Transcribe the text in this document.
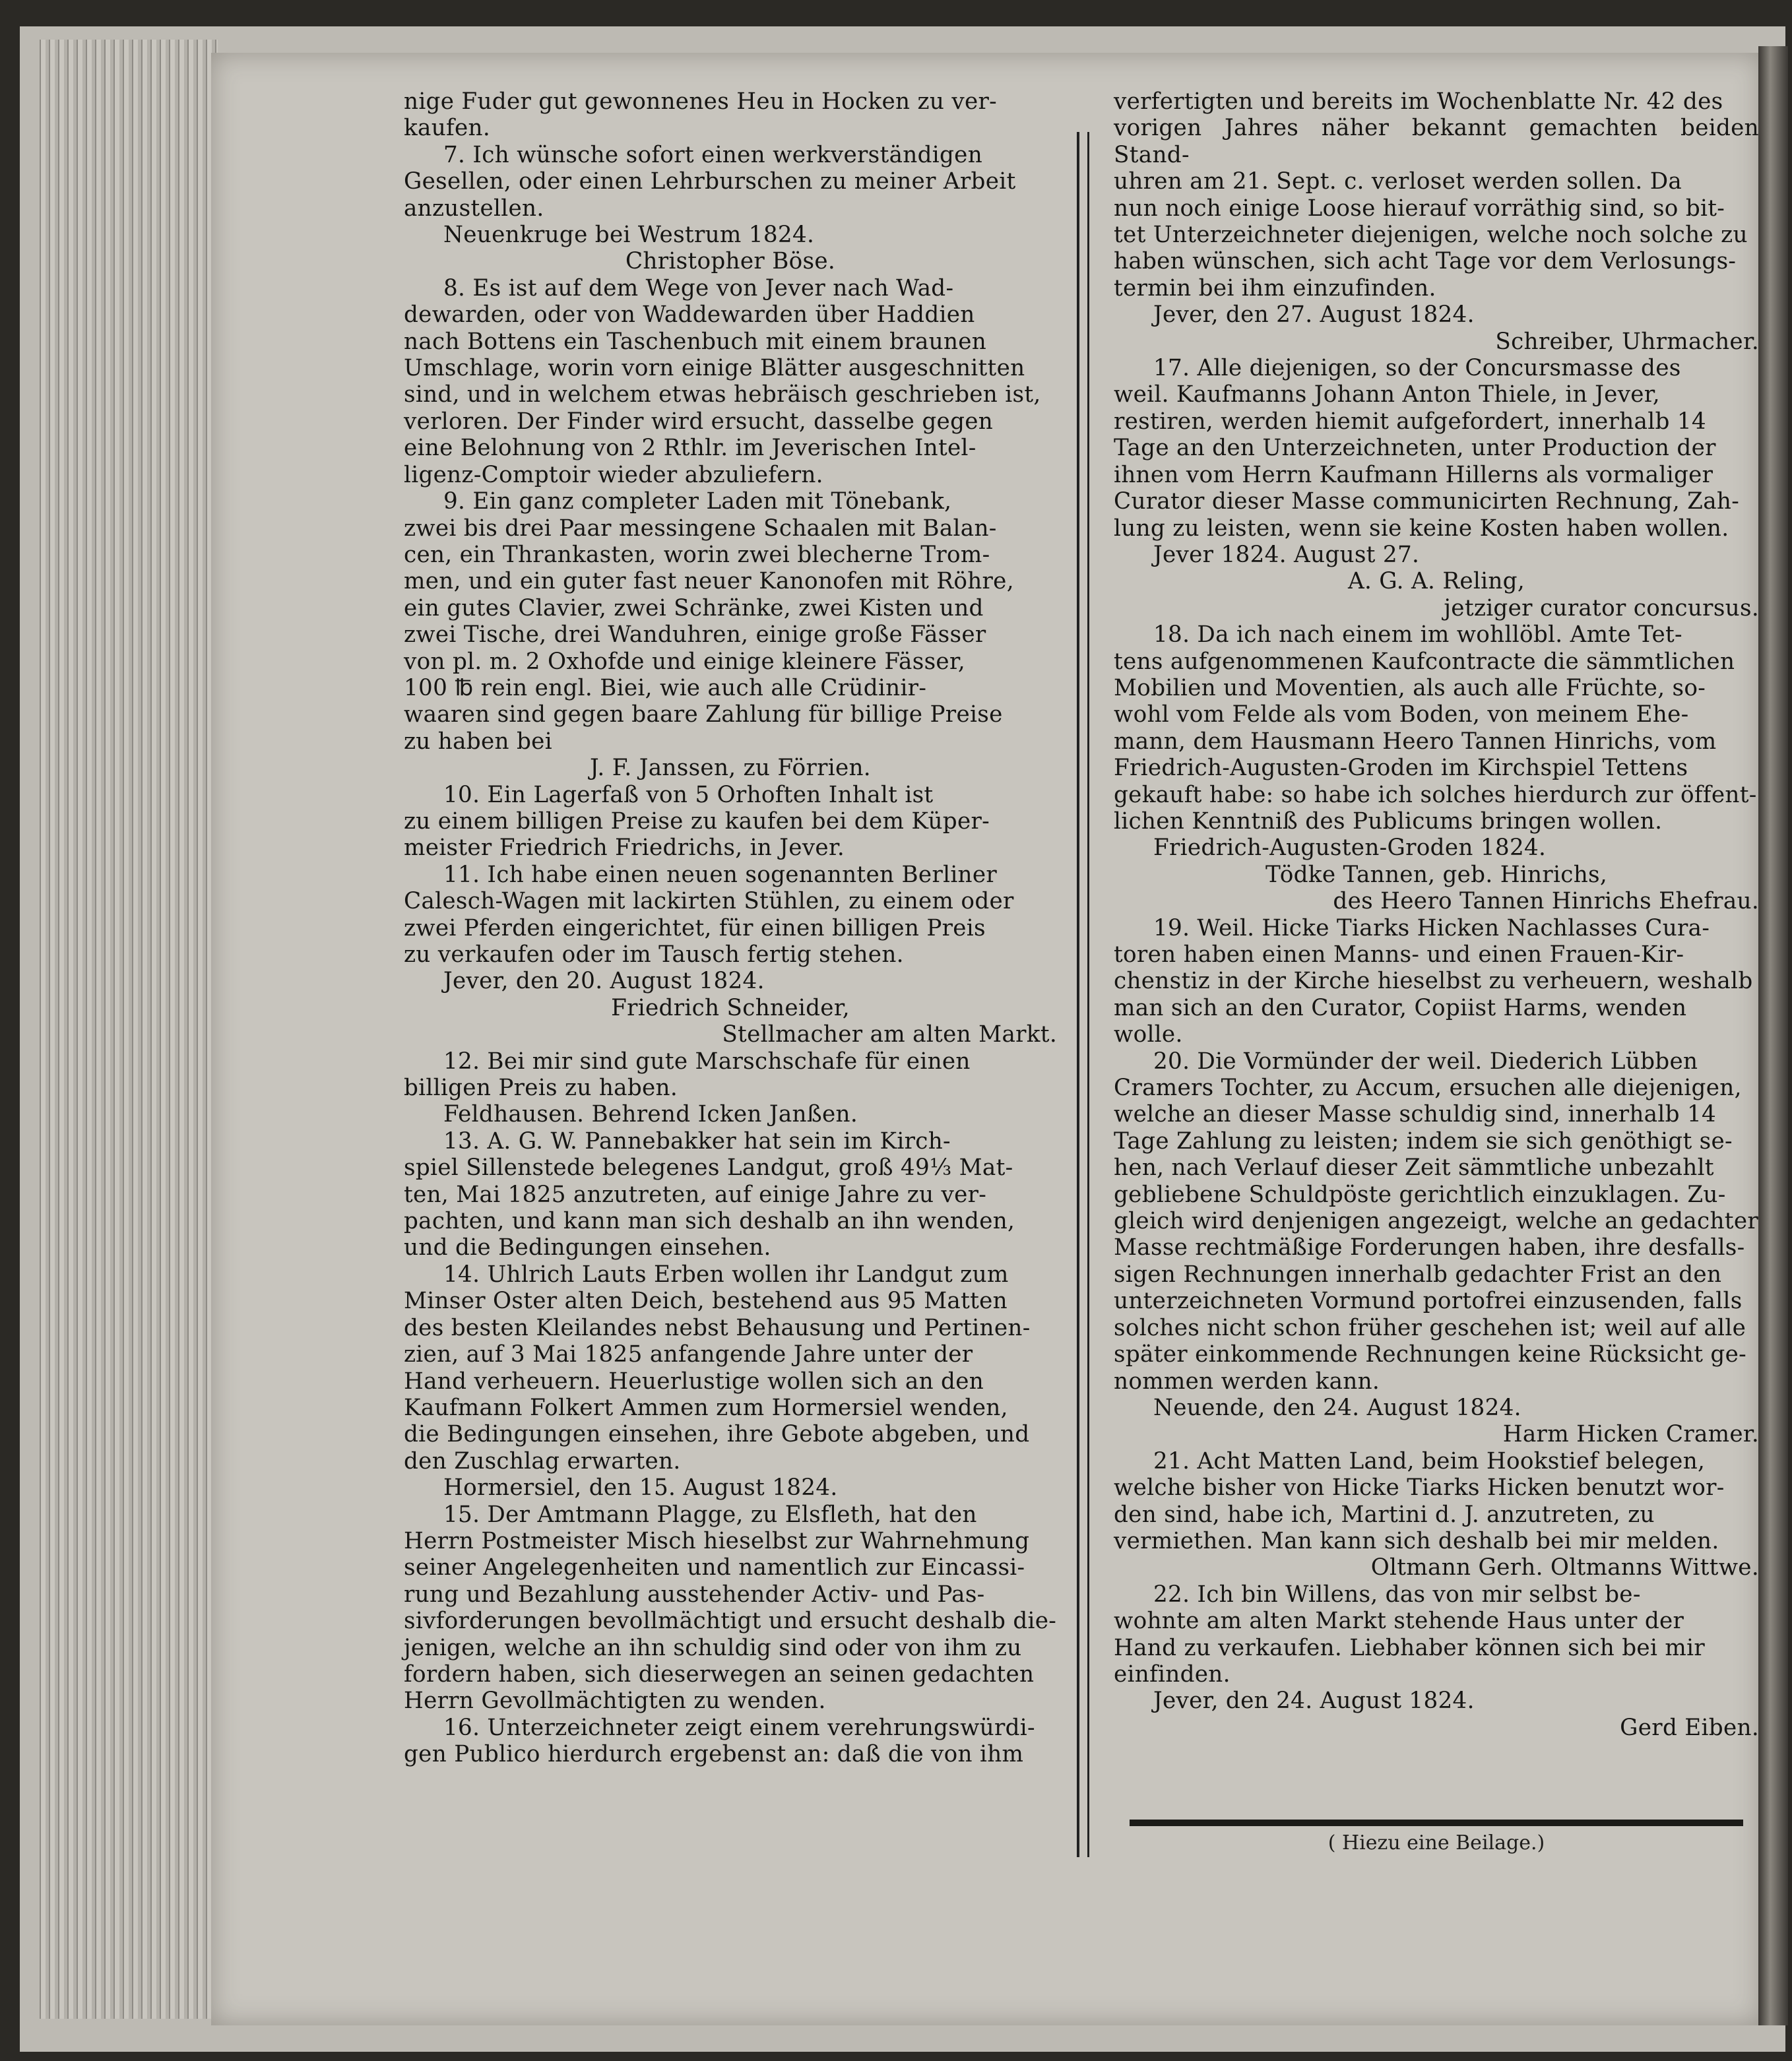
nige Fuder gut gewonnenes Heu in Hocken zu ver-

kaufen.

7. Ich wünsche sofort einen werkverständigen

Gesellen, oder einen Lehrburschen zu meiner Arbeit

anzustellen.

Neuenkruge bei Westrum 1824.

Christopher Böse.

8. Es ist auf dem Wege von Jever nach Wad-

dewarden, oder von Waddewarden über Haddien

nach Bottens ein Taschenbuch mit einem braunen

Umschlage, worin vorn einige Blätter ausgeschnitten

sind, und in welchem etwas hebräisch geschrieben ist,

verloren. Der Finder wird ersucht, dasselbe gegen

eine Belohnung von 2 Rthlr. im Jeverischen Intel-

ligenz-Comptoir wieder abzuliefern.

9. Ein ganz completer Laden mit Tönebank,

zwei bis drei Paar messingene Schaalen mit Balan-

cen, ein Thrankasten, worin zwei blecherne Trom-

men, und ein guter fast neuer Kanonofen mit Röhre,

ein gutes Clavier, zwei Schränke, zwei Kisten und

zwei Tische, drei Wanduhren, einige große Fässer

von pl. m. 2 Oxhofde und einige kleinere Fässer,

100 ℔ rein engl. Biei, wie auch alle Crüdinir-

waaren sind gegen baare Zahlung für billige Preise

zu haben bei

J. F. Janssen, zu Förrien.

10. Ein Lagerfaß von 5 Orhoften Inhalt ist

zu einem billigen Preise zu kaufen bei dem Küper-

meister Friedrich Friedrichs, in Jever.

11. Ich habe einen neuen sogenannten Berliner

Calesch-Wagen mit lackirten Stühlen, zu einem oder

zwei Pferden eingerichtet, für einen billigen Preis

zu verkaufen oder im Tausch fertig stehen.

Jever, den 20. August 1824.

Friedrich Schneider,

Stellmacher am alten Markt.

12. Bei mir sind gute Marschschafe für einen

billigen Preis zu haben.

Feldhausen. Behrend Icken Janßen.

13. A. G. W. Pannebakker hat sein im Kirch-

spiel Sillenstede belegenes Landgut, groß 49⅓ Mat-

ten, Mai 1825 anzutreten, auf einige Jahre zu ver-

pachten, und kann man sich deshalb an ihn wenden,

und die Bedingungen einsehen.

14. Uhlrich Lauts Erben wollen ihr Landgut zum

Minser Oster alten Deich, bestehend aus 95 Matten

des besten Kleilandes nebst Behausung und Pertinen-

zien, auf 3 Mai 1825 anfangende Jahre unter der

Hand verheuern. Heuerlustige wollen sich an den

Kaufmann Folkert Ammen zum Hormersiel wenden,

die Bedingungen einsehen, ihre Gebote abgeben, und

den Zuschlag erwarten.

Hormersiel, den 15. August 1824.

15. Der Amtmann Plagge, zu Elsfleth, hat den

Herrn Postmeister Misch hieselbst zur Wahrnehmung

seiner Angelegenheiten und namentlich zur Eincassi-

rung und Bezahlung ausstehender Activ- und Pas-

sivforderungen bevollmächtigt und ersucht deshalb die-

jenigen, welche an ihn schuldig sind oder von ihm zu

fordern haben, sich dieserwegen an seinen gedachten

Herrn Gevollmächtigten zu wenden.

16. Unterzeichneter zeigt einem verehrungswürdi-

gen Publico hierdurch ergebenst an: daß die von ihm

verfertigten und bereits im Wochenblatte Nr. 42 des

vorigen Jahres näher bekannt gemachten beiden Stand-

uhren am 21. Sept. c. verloset werden sollen. Da

nun noch einige Loose hierauf vorräthig sind, so bit-

tet Unterzeichneter diejenigen, welche noch solche zu

haben wünschen, sich acht Tage vor dem Verlosungs-

termin bei ihm einzufinden.

Jever, den 27. August 1824.

Schreiber, Uhrmacher.

17. Alle diejenigen, so der Concursmasse des

weil. Kaufmanns Johann Anton Thiele, in Jever,

restiren, werden hiemit aufgefordert, innerhalb 14

Tage an den Unterzeichneten, unter Production der

ihnen vom Herrn Kaufmann Hillerns als vormaliger

Curator dieser Masse communicirten Rechnung, Zah-

lung zu leisten, wenn sie keine Kosten haben wollen.

Jever 1824. August 27.

A. G. A. Reling,

jetziger curator concursus.

18. Da ich nach einem im wohllöbl. Amte Tet-

tens aufgenommenen Kaufcontracte die sämmtlichen

Mobilien und Moventien, als auch alle Früchte, so-

wohl vom Felde als vom Boden, von meinem Ehe-

mann, dem Hausmann Heero Tannen Hinrichs, vom

Friedrich-Augusten-Groden im Kirchspiel Tettens

gekauft habe: so habe ich solches hierdurch zur öffent-

lichen Kenntniß des Publicums bringen wollen.

Friedrich-Augusten-Groden 1824.

Tödke Tannen, geb. Hinrichs,

des Heero Tannen Hinrichs Ehefrau.

19. Weil. Hicke Tiarks Hicken Nachlasses Cura-

toren haben einen Manns- und einen Frauen-Kir-

chenstiz in der Kirche hieselbst zu verheuern, weshalb

man sich an den Curator, Copiist Harms, wenden

wolle.

20. Die Vormünder der weil. Diederich Lübben

Cramers Tochter, zu Accum, ersuchen alle diejenigen,

welche an dieser Masse schuldig sind, innerhalb 14

Tage Zahlung zu leisten; indem sie sich genöthigt se-

hen, nach Verlauf dieser Zeit sämmtliche unbezahlt

gebliebene Schuldpöste gerichtlich einzuklagen. Zu-

gleich wird denjenigen angezeigt, welche an gedachter

Masse rechtmäßige Forderungen haben, ihre desfalls-

sigen Rechnungen innerhalb gedachter Frist an den

unterzeichneten Vormund portofrei einzusenden, falls

solches nicht schon früher geschehen ist; weil auf alle

später einkommende Rechnungen keine Rücksicht ge-

nommen werden kann.

Neuende, den 24. August 1824.

Harm Hicken Cramer.

21. Acht Matten Land, beim Hookstief belegen,

welche bisher von Hicke Tiarks Hicken benutzt wor-

den sind, habe ich, Martini d. J. anzutreten, zu

vermiethen. Man kann sich deshalb bei mir melden.

Oltmann Gerh. Oltmanns Wittwe.

22. Ich bin Willens, das von mir selbst be-

wohnte am alten Markt stehende Haus unter der

Hand zu verkaufen. Liebhaber können sich bei mir

einfinden.

Jever, den 24. August 1824.

Gerd Eiben.

( Hiezu eine Beilage.)
